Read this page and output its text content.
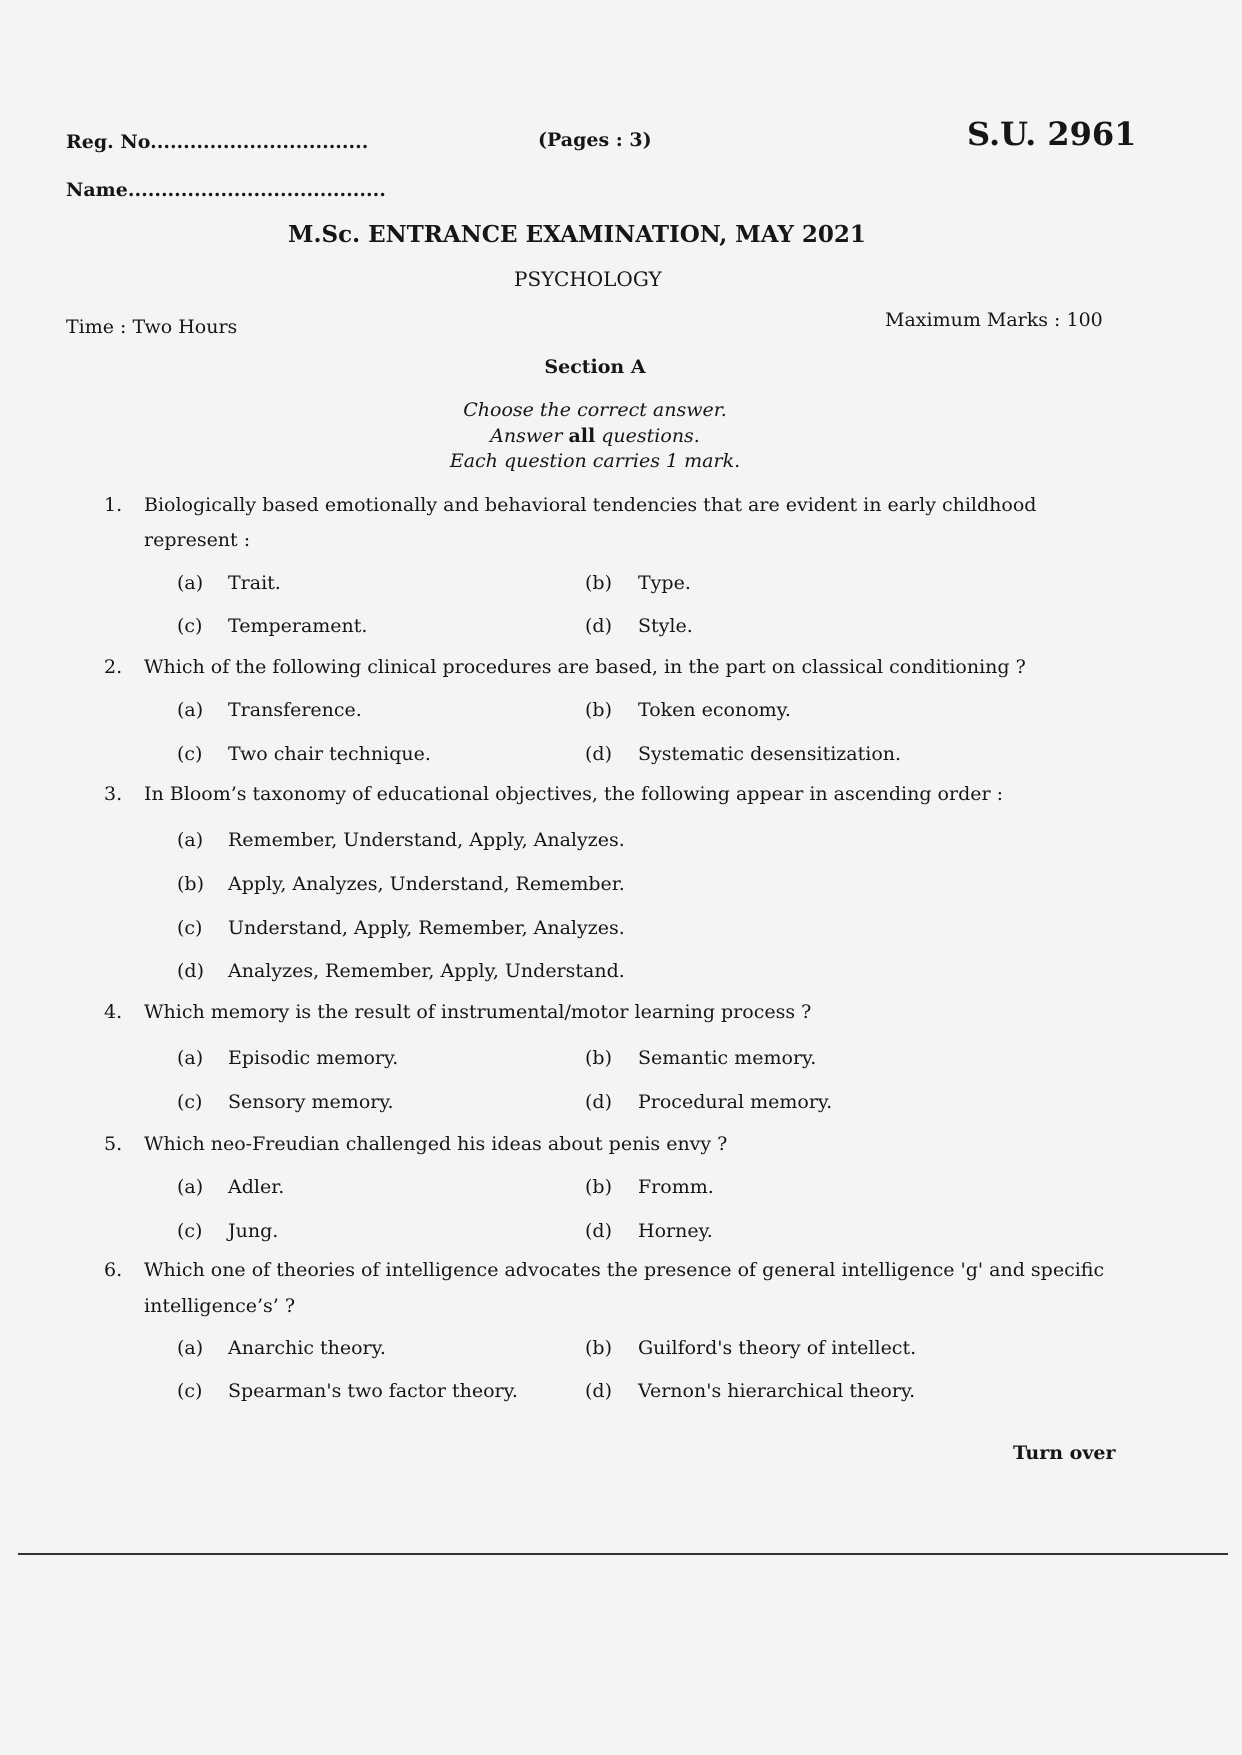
Reg. No.................................	(Pages : 3)	S.U. 2961
Name.......................................
M.Sc. ENTRANCE EXAMINATION, MAY 2021
PSYCHOLOGY
Time : Two Hours	Maximum Marks : 100
Section A
Choose the correct answer.
Answer all questions.
Each question carries 1 mark.
1. Biologically based emotionally and behavioral tendencies that are evident in early childhood
represent :
(a) Trait.	(b) Type.
(c) Temperament.	(d) Style.
2. Which of the following clinical procedures are based, in the part on classical conditioning ?
(a) Transference.	(b) Token economy.
(c) Two chair technique.	(d) Systematic desensitization.
3. In Bloom’s taxonomy of educational objectives, the following appear in ascending order :
(a) Remember, Understand, Apply, Analyzes.
(b) Apply, Analyzes, Understand, Remember.
(c) Understand, Apply, Remember, Analyzes.
(d) Analyzes, Remember, Apply, Understand.
4. Which memory is the result of instrumental/motor learning process ?
(a) Episodic memory.	(b) Semantic memory.
(c) Sensory memory.	(d) Procedural memory.
5. Which neo-Freudian challenged his ideas about penis envy ?
(a) Adler.	(b) Fromm.
(c) Jung.	(d) Horney.
6. Which one of theories of intelligence advocates the presence of general intelligence 'g' and specific
intelligence’s’ ?
(a) Anarchic theory.	(b) Guilford's theory of intellect.
(c) Spearman's two factor theory.	(d) Vernon's hierarchical theory.
Turn over
